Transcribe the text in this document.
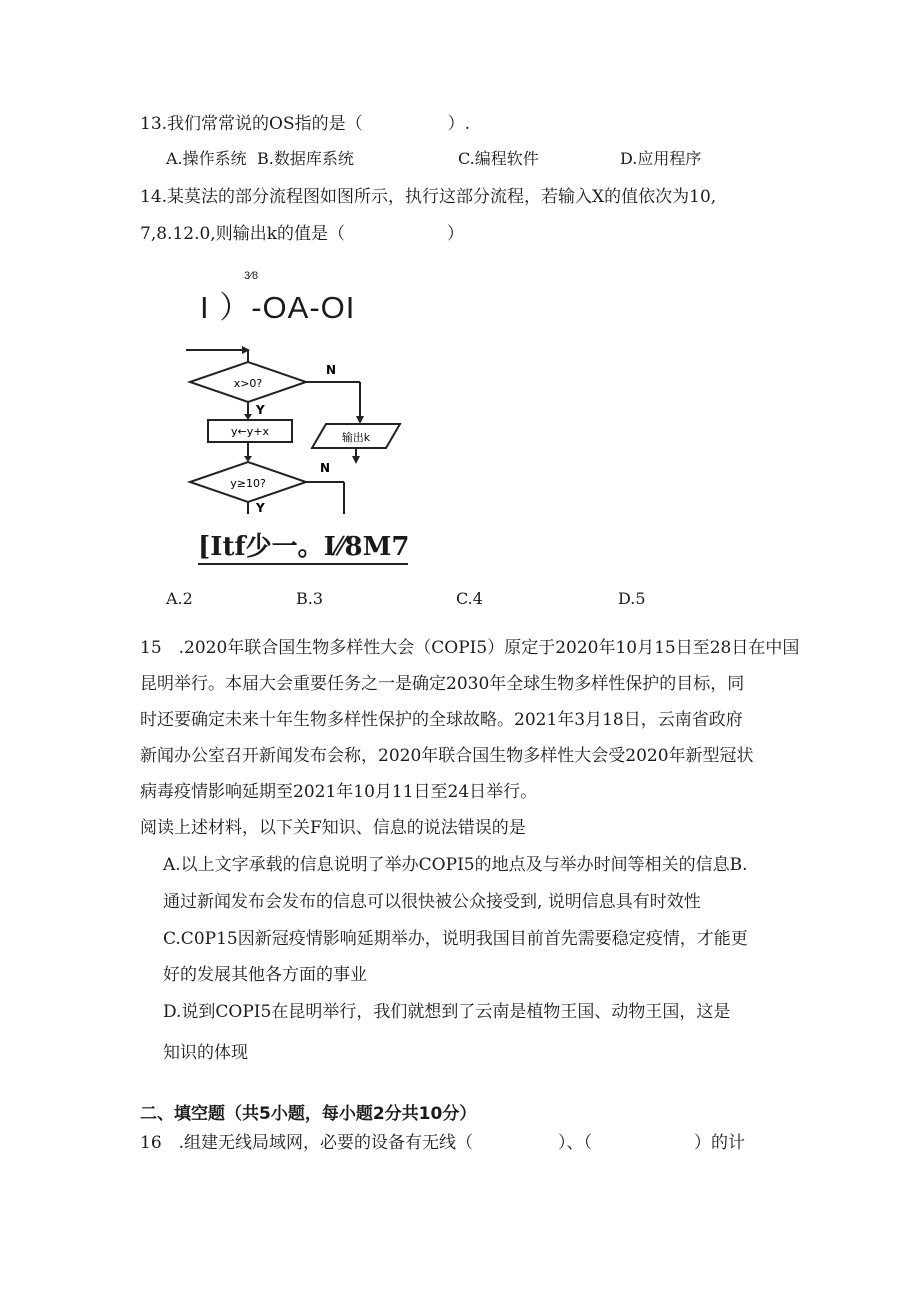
13.我们常常说的OS指的是（　　　　　）.
A.操作系统 B.数据库系统	C.编程软件	D.应用程序
14.某莫法的部分流程图如图所示，执行这部分流程，若输入X的值依次为10,
7,8.12.0,则输出k的值是（　　　　　　）
3⁄8
I ）-OA-OI
x>0?
N
输出k
Y
y←y+x
y≥10?
N
Y
[Itf少一。I⁄⁄8M7
A.2	B.3	C.4	D.5
15　.2020年联合国生物多样性大会（COPI5）原定于2020年10月15日至28日在中国
昆明举行。本届大会重要任务之一是确定2030年全球生物多样性保护的目标，同
时还要确定未来十年生物多样性保护的全球故略。2021年3月18日，云南省政府
新闻办公室召开新闻发布会称，2020年联合国生物多样性大会受2020年新型冠状
病毒疫情影响延期至2021年10月11日至24日举行。
阅读上述材料，以下关F知识、信息的说法错误的是
A.以上文字承载的信息说明了举办COPI5的地点及与举办时间等相关的信息B.
通过新闻发布会发布的信息可以很快被公众接受到, 说明信息具有时效性
C.C0P15因新冠疫情影响延期举办，说明我国目前首先需要稳定疫情，才能更
好的发展其他各方面的事业
D.说到COPI5在昆明举行，我们就想到了云南是植物王国、动物王国，这是
知识的体现
二、填空题（共5小题，每小题2分共10分）
16　.组建无线局域网，必要的设备有无线（　　　　　）、（　　　　　　）的计
